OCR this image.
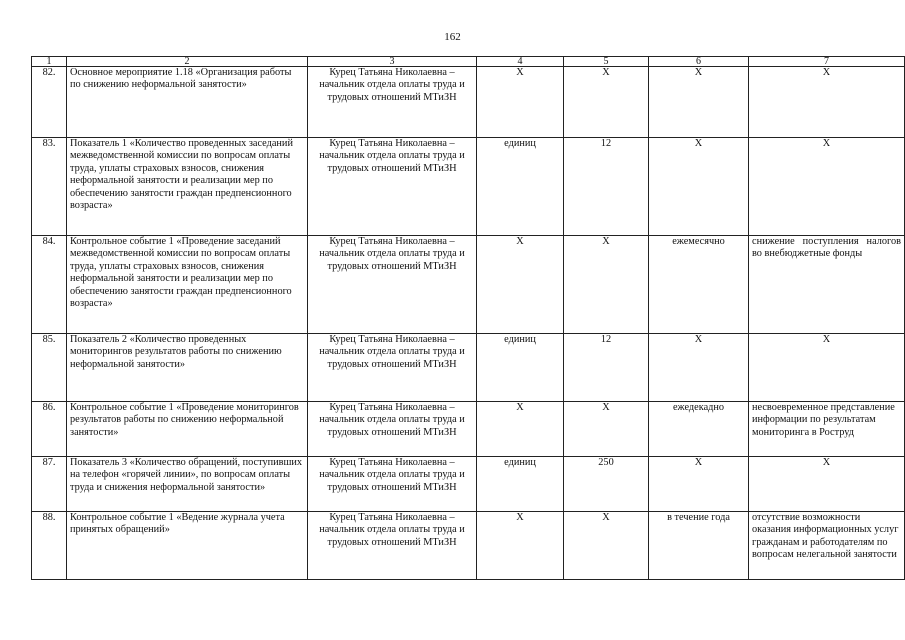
162
1	2	3	4	5	6	7
82.	Основное мероприятие 1.18 «Организация работы по снижению неформальной занятости»	Курец Татьяна Николаевна – начальник отдела оплаты труда и трудовых отношений МТиЗН	X	X	X	X
83.	Показатель 1 «Количество проведенных заседаний межведомственной комиссии по вопросам оплаты труда, уплаты страховых взносов, снижения неформальной занятости и реализации мер по обеспечению занятости граждан предпенсионного возраста»	Курец Татьяна Николаевна – начальник отдела оплаты труда и трудовых отношений МТиЗН	единиц	12	X	X
84.	Контрольное событие 1 «Проведение заседаний межведомственной комиссии по вопросам оплаты труда, уплаты страховых взносов, снижения неформальной занятости и реализации мер по обеспечению занятости граждан предпенсионного возраста»	Курец Татьяна Николаевна – начальник отдела оплаты труда и трудовых отношений МТиЗН	X	X	ежемесячно	снижение поступления налогов во внебюджетные фонды
85.	Показатель 2 «Количество проведенных мониторингов результатов работы по снижению неформальной занятости»	Курец Татьяна Николаевна – начальник отдела оплаты труда и трудовых отношений МТиЗН	единиц	12	X	X
86.	Контрольное событие 1 «Проведение мониторингов результатов работы по снижению неформальной занятости»	Курец Татьяна Николаевна – начальник отдела оплаты труда и трудовых отношений МТиЗН	X	X	ежедекадно	несвоевременное представление информации по результатам мониторинга в Роструд
87.	Показатель 3 «Количество обращений, поступивших на телефон «горячей линии», по вопросам оплаты труда и снижения неформальной занятости»	Курец Татьяна Николаевна – начальник отдела оплаты труда и трудовых отношений МТиЗН	единиц	250	X	X
88.	Контрольное событие 1 «Ведение журнала учета принятых обращений»	Курец Татьяна Николаевна – начальник отдела оплаты труда и трудовых отношений МТиЗН	X	X	в течение года	отсутствие возможности оказания информационных услуг гражданам и работодателям по вопросам нелегальной занятости
